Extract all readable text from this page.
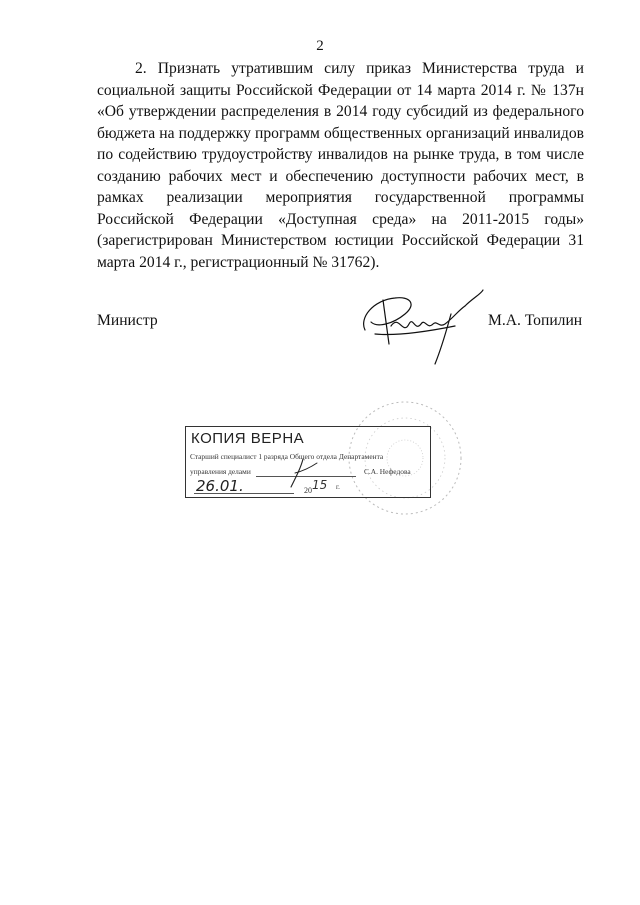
2
2. Признать утратившим силу приказ Министерства труда и социальной защиты Российской Федерации от 14 марта 2014 г. № 137н «Об утверждении распределения в 2014 году субсидий из федерального бюджета на поддержку программ общественных организаций инвалидов по содействию трудоустройству инвалидов на рынке труда, в том числе созданию рабочих мест и обеспечению доступности рабочих мест, в рамках реализации мероприятия государственной программы Российской Федерации «Доступная среда» на 2011-2015 годы» (зарегистрирован Министерством юстиции Российской Федерации 31 марта 2014 г., регистрационный № 31762).
Министр	М.А. Топилин
КОПИЯ ВЕРНА
Старший специалист 1 разряда Общего отдела Департамента
управления делами	С.А. Нефедова
26.01.	2015 г.
